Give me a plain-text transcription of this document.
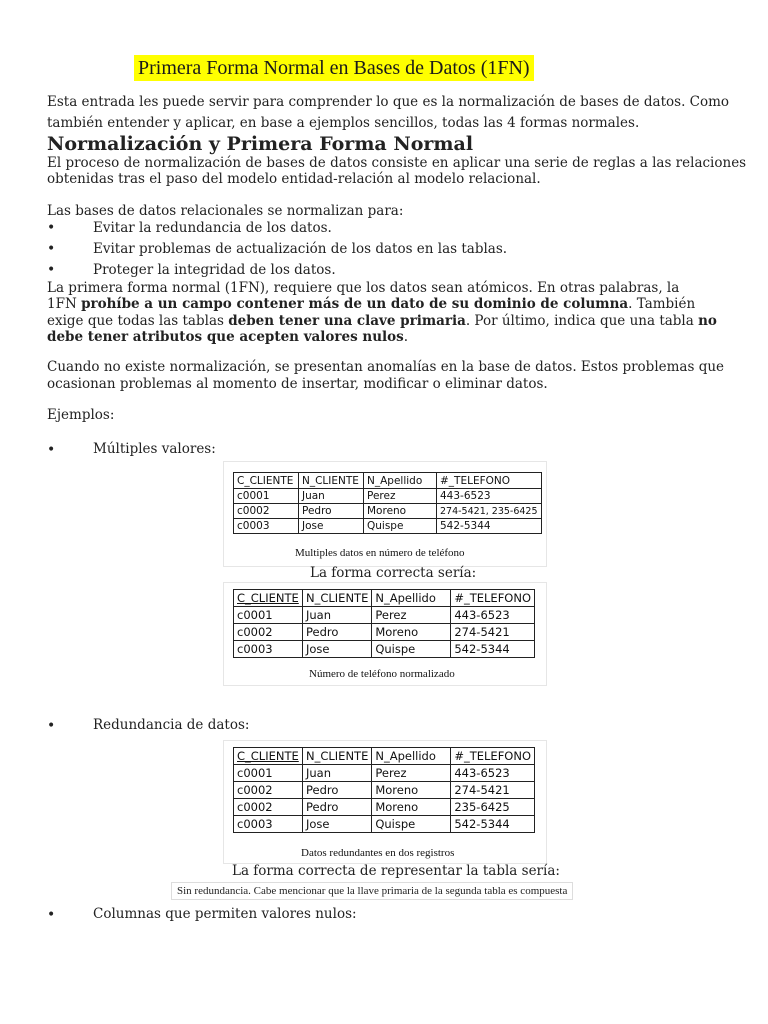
Primera Forma Normal en Bases de Datos (1FN)
Esta entrada les puede servir para comprender lo que es la normalización de bases de datos. Como
también entender y aplicar, en base a ejemplos sencillos, todas las 4 formas normales.
Normalización y Primera Forma Normal
El proceso de normalización de bases de datos consiste en aplicar una serie de reglas a las relaciones
obtenidas tras el paso del modelo entidad-relación al modelo relacional.
Las bases de datos relacionales se normalizan para:
•	Evitar la redundancia de los datos.
•	Evitar problemas de actualización de los datos en las tablas.
•	Proteger la integridad de los datos.
La primera forma normal (1FN), requiere que los datos sean atómicos. En otras palabras, la
1FN prohíbe a un campo contener más de un dato de su dominio de columna. También
exige que todas las tablas deben tener una clave primaria. Por último, indica que una tabla no
debe tener atributos que acepten valores nulos.
Cuando no existe normalización, se presentan anomalías en la base de datos. Estos problemas que
ocasionan problemas al momento de insertar, modificar o eliminar datos.
Ejemplos:
•	Múltiples valores:
C_CLIENTE	N_CLIENTE	N_Apellido	#_TELEFONO
c0001	Juan	Perez	443-6523
c0002	Pedro	Moreno	274-5421, 235-6425
c0003	Jose	Quispe	542-5344
Multiples datos en número de teléfono
La forma correcta sería:
C_CLIENTE	N_CLIENTE	N_Apellido	#_TELEFONO
c0001	Juan	Perez	443-6523
c0002	Pedro	Moreno	274-5421
c0003	Jose	Quispe	542-5344
Número de teléfono normalizado
•	Redundancia de datos:
C_CLIENTE	N_CLIENTE	N_Apellido	#_TELEFONO
c0001	Juan	Perez	443-6523
c0002	Pedro	Moreno	274-5421
c0002	Pedro	Moreno	235-6425
c0003	Jose	Quispe	542-5344
Datos redundantes en dos registros
La forma correcta de representar la tabla sería:
Sin redundancia. Cabe mencionar que la llave primaria de la segunda tabla es compuesta
•	Columnas que permiten valores nulos:
